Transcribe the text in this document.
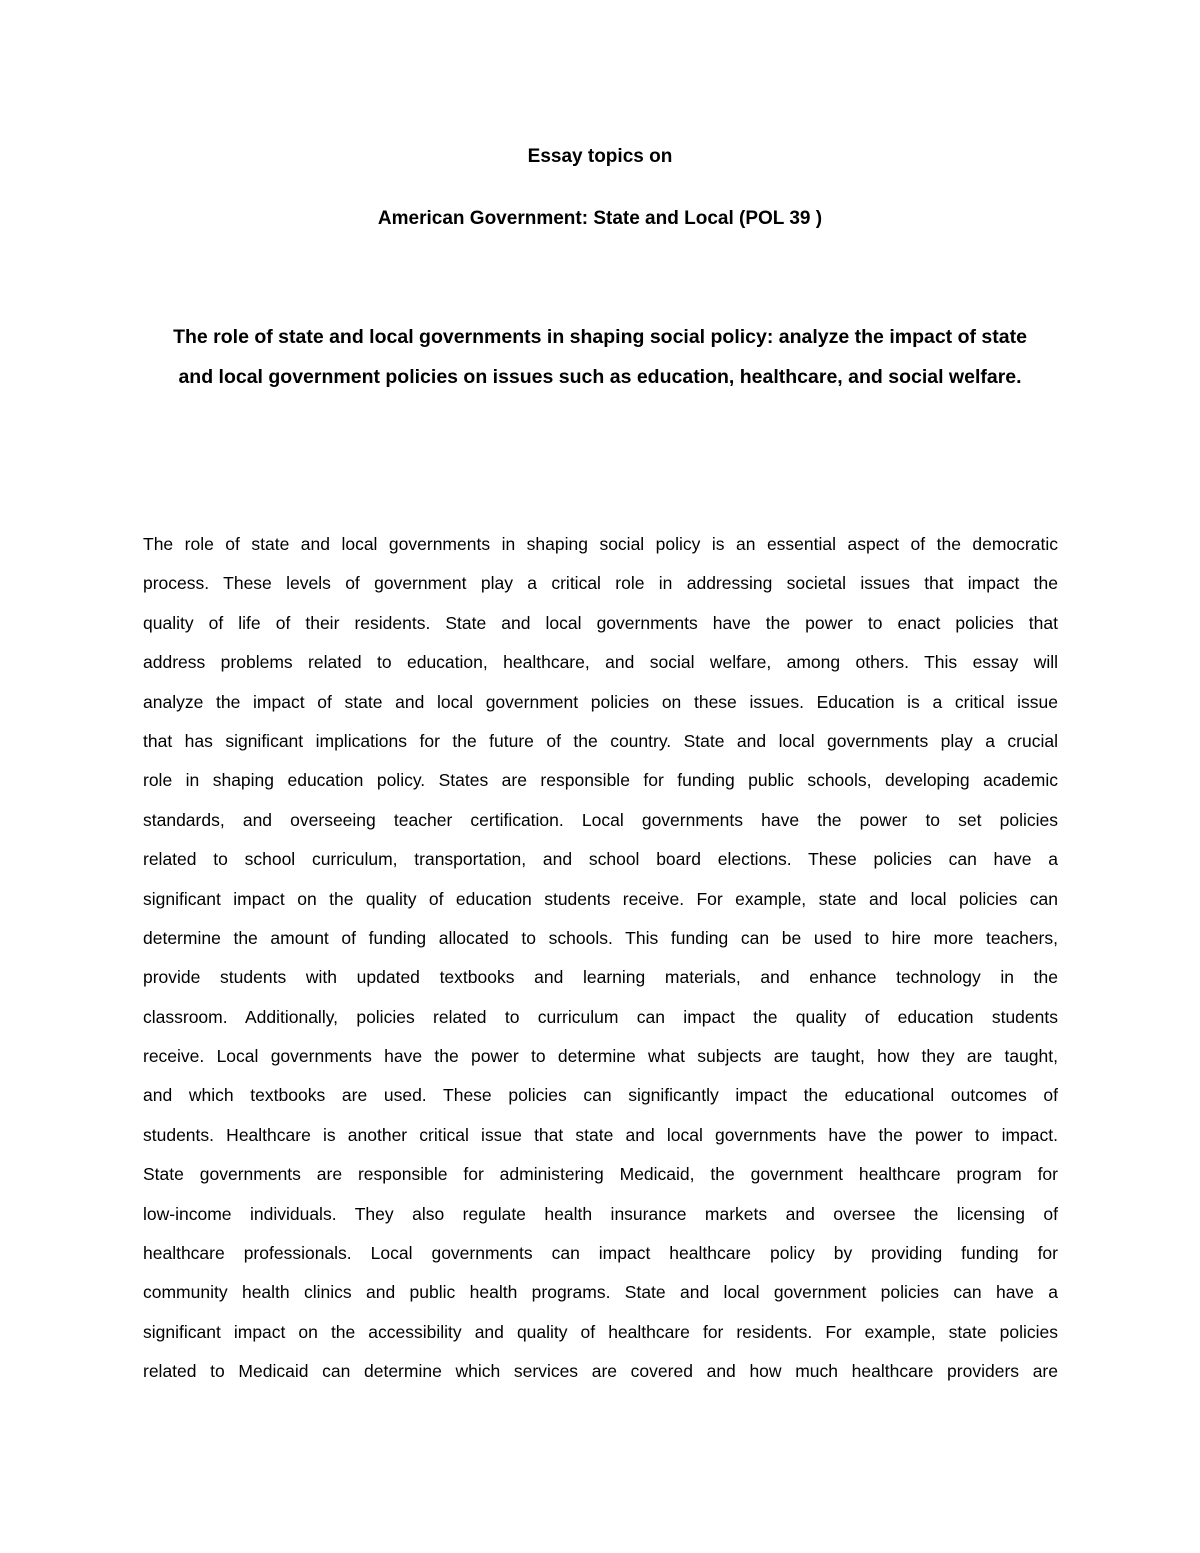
Essay topics on
American Government: State and Local (POL 39 )
The role of state and local governments in shaping social policy: analyze the impact of state
and local government policies on issues such as education, healthcare, and social welfare.
The role of state and local governments in shaping social policy is an essential aspect of the democratic
process. These levels of government play a critical role in addressing societal issues that impact the
quality of life of their residents. State and local governments have the power to enact policies that
address problems related to education, healthcare, and social welfare, among others. This essay will
analyze the impact of state and local government policies on these issues. Education is a critical issue
that has significant implications for the future of the country. State and local governments play a crucial
role in shaping education policy. States are responsible for funding public schools, developing academic
standards, and overseeing teacher certification. Local governments have the power to set policies
related to school curriculum, transportation, and school board elections. These policies can have a
significant impact on the quality of education students receive. For example, state and local policies can
determine the amount of funding allocated to schools. This funding can be used to hire more teachers,
provide students with updated textbooks and learning materials, and enhance technology in the
classroom. Additionally, policies related to curriculum can impact the quality of education students
receive. Local governments have the power to determine what subjects are taught, how they are taught,
and which textbooks are used. These policies can significantly impact the educational outcomes of
students. Healthcare is another critical issue that state and local governments have the power to impact.
State governments are responsible for administering Medicaid, the government healthcare program for
low-income individuals. They also regulate health insurance markets and oversee the licensing of
healthcare professionals. Local governments can impact healthcare policy by providing funding for
community health clinics and public health programs. State and local government policies can have a
significant impact on the accessibility and quality of healthcare for residents. For example, state policies
related to Medicaid can determine which services are covered and how much healthcare providers are
